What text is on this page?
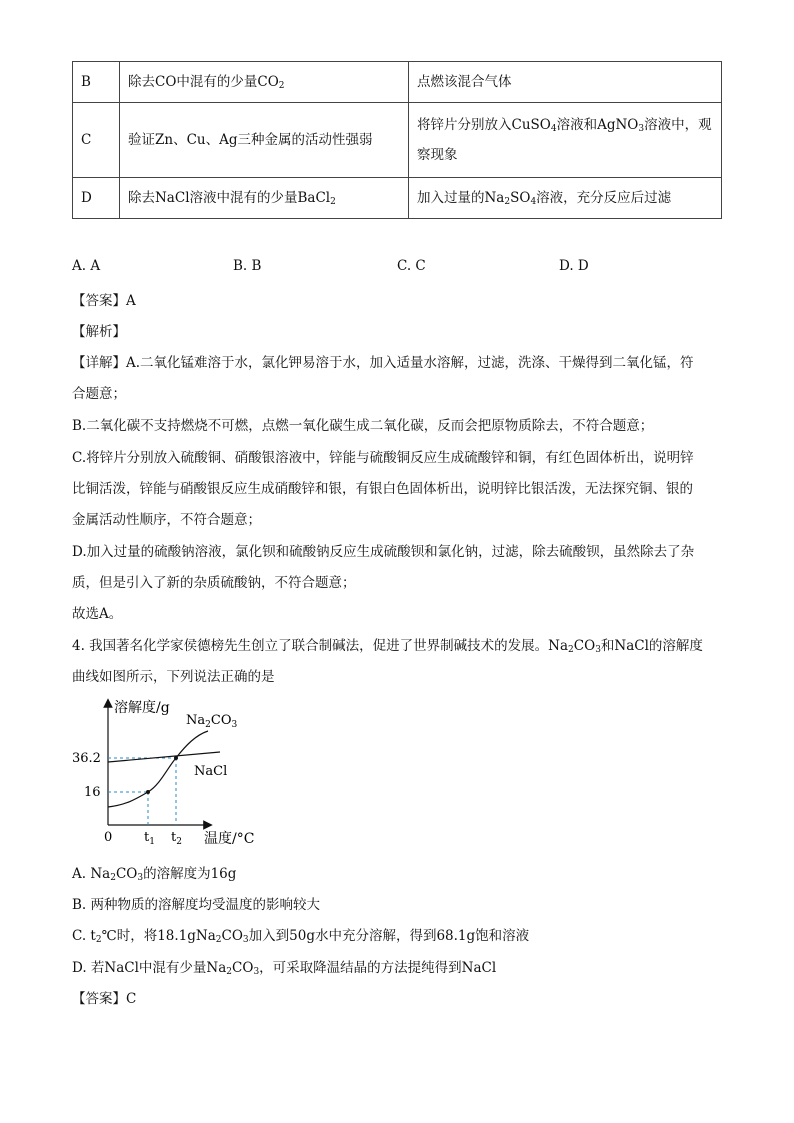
B	除去CO中混有的少量$CO_2$	点燃该混合气体
C	验证Zn、Cu、Ag三种金属的活动性强弱	将锌片分别放入CuSO$_4$溶液和AgNO$_3$溶液中，观察现象
D	除去NaCl溶液中混有的少量BaCl$_2$	加入过量的$Na_2SO_4$溶液，充分反应后过滤
A. A	B. B	C. C	D. D
【答案】A
【解析】
【详解】A.二氧化锰难溶于水，氯化钾易溶于水，加入适量水溶解，过滤，洗涤、干燥得到二氧化锰，符
合题意；
B.二氧化碳不支持燃烧不可燃，点燃一氧化碳生成二氧化碳，反而会把原物质除去，不符合题意；
C.将锌片分别放入硫酸铜、硝酸银溶液中，锌能与硫酸铜反应生成硫酸锌和铜，有红色固体析出，说明锌
比铜活泼，锌能与硝酸银反应生成硝酸锌和银，有银白色固体析出，说明锌比银活泼，无法探究铜、银的
金属活动性顺序，不符合题意；
D.加入过量的硫酸钠溶液，氯化钡和硫酸钠反应生成硫酸钡和氯化钠，过滤，除去硫酸钡，虽然除去了杂
质，但是引入了新的杂质硫酸钠，不符合题意；
故选A。
4. 我国著名化学家侯德榜先生创立了联合制碱法，促进了世界制碱技术的发展。$Na_2CO_3$和NaCl的溶解度
曲线如图所示，下列说法正确的是
溶解度/g
温度/°C
0
16
36.2
$t_1$ $t_2$
$Na_2CO_3$
NaCl
A. $Na_2CO_3$的溶解度为16g
B. 两种物质的溶解度均受温度的影响较大
C. $t_2℃$时，将$18.1gNa_2CO_3$加入到50g水中充分溶解，得到68.1g饱和溶液
D. 若NaCl中混有少量$Na_2CO_3$，可采取降温结晶的方法提纯得到NaCl
【答案】C
